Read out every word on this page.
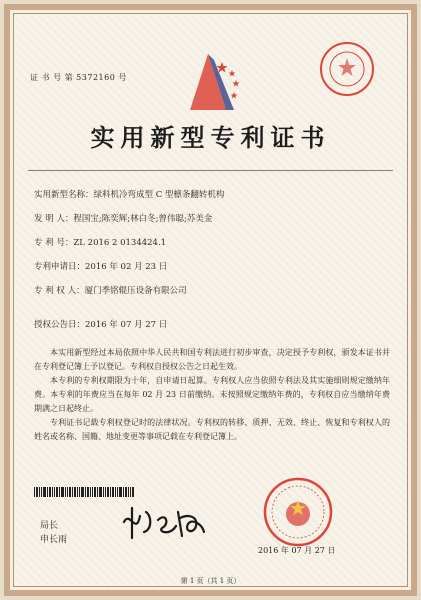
证 书 号 第 5372160 号
实用新型专利证书
实用新型名称：绿料机冷弯成型 C 型檩条翻转机构
发 明 人：程国宝;陈奕辉;林白冬;曾伟聪;苏美金
专 利 号：ZL 2016 2 0134424.1
专利申请日：2016 年 02 月 23 日
专 利 权 人：厦门季铭辊压设备有限公司
授权公告日：2016 年 07 月 27 日

本实用新型经过本局依照中华人民共和国专利法进行初步审查，决定授予专利权，颁发本证书并在专利登记簿上予以登记。专利权自授权公告之日起生效。

本专利的专利权期限为十年，自申请日起算。专利权人应当依照专利法及其实施细则规定缴纳年费。本专利的年费应当在每年 02 月 23 日前缴纳。未按照规定缴纳年费的，专利权自应当缴纳年费期满之日起终止。

专利证书记载专利权登记时的法律状况。专利权的转移、质押、无效、终止、恢复和专利权人的姓名或名称、国籍、地址变更等事项记载在专利登记簿上。

局长
申长雨
2016 年 07 月 27 日
第 1 页（共 1 页）
